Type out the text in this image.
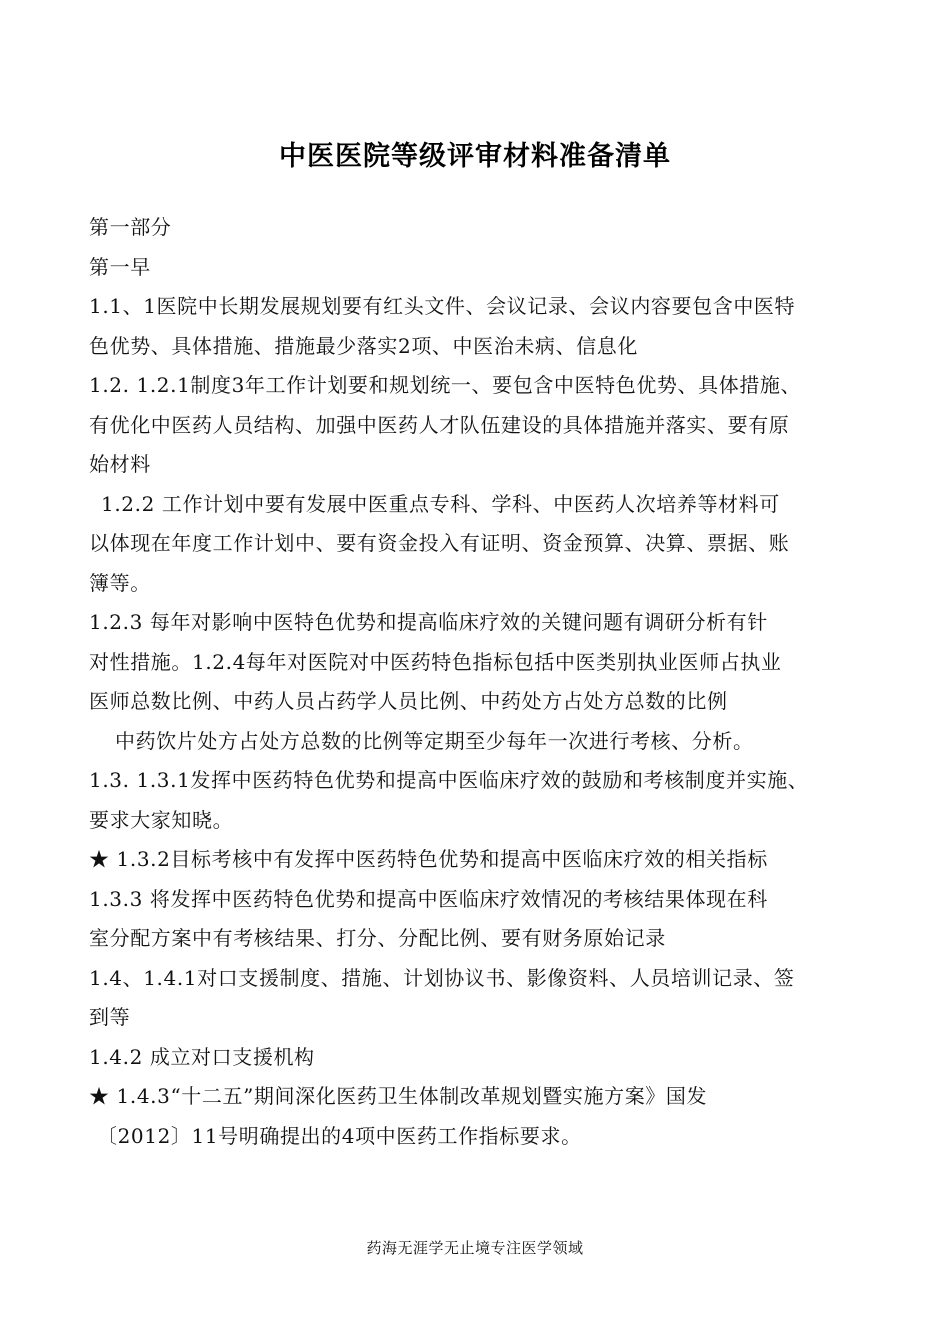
中医医院等级评审材料准备清单
第一部分
第一早
1.1、1医院中长期发展规划要有红头文件、会议记录、会议内容要包含中医特
色优势、具体措施、措施最少落实2项、中医治未病、信息化
1.2. 1.2.1制度3年工作计划要和规划统一、要包含中医特色优势、具体措施、
有优化中医药人员结构、加强中医药人才队伍建设的具体措施并落实、要有原
始材料
1.2.2 工作计划中要有发展中医重点专科、学科、中医药人次培养等材料可
以体现在年度工作计划中、要有资金投入有证明、资金预算、决算、票据、账
簿等。
1.2.3 每年对影响中医特色优势和提高临床疗效的关键问题有调研分析有针
对性措施。1.2.4每年对医院对中医药特色指标包括中医类别执业医师占执业
医师总数比例、中药人员占药学人员比例、中药处方占处方总数的比例
中药饮片处方占处方总数的比例等定期至少每年一次进行考核、分析。
1.3. 1.3.1发挥中医药特色优势和提高中医临床疗效的鼓励和考核制度并实施、
要求大家知晓。
★ 1.3.2目标考核中有发挥中医药特色优势和提高中医临床疗效的相关指标
1.3.3 将发挥中医药特色优势和提高中医临床疗效情况的考核结果体现在科
室分配方案中有考核结果、打分、分配比例、要有财务原始记录
1.4、1.4.1对口支援制度、措施、计划协议书、影像资料、人员培训记录、签
到等
1.4.2 成立对口支援机构
★ 1.4.3“十二五”期间深化医药卫生体制改革规划暨实施方案》国发
〔2012〕11号明确提出的4项中医药工作指标要求。
药海无涯学无止境专注医学领域
